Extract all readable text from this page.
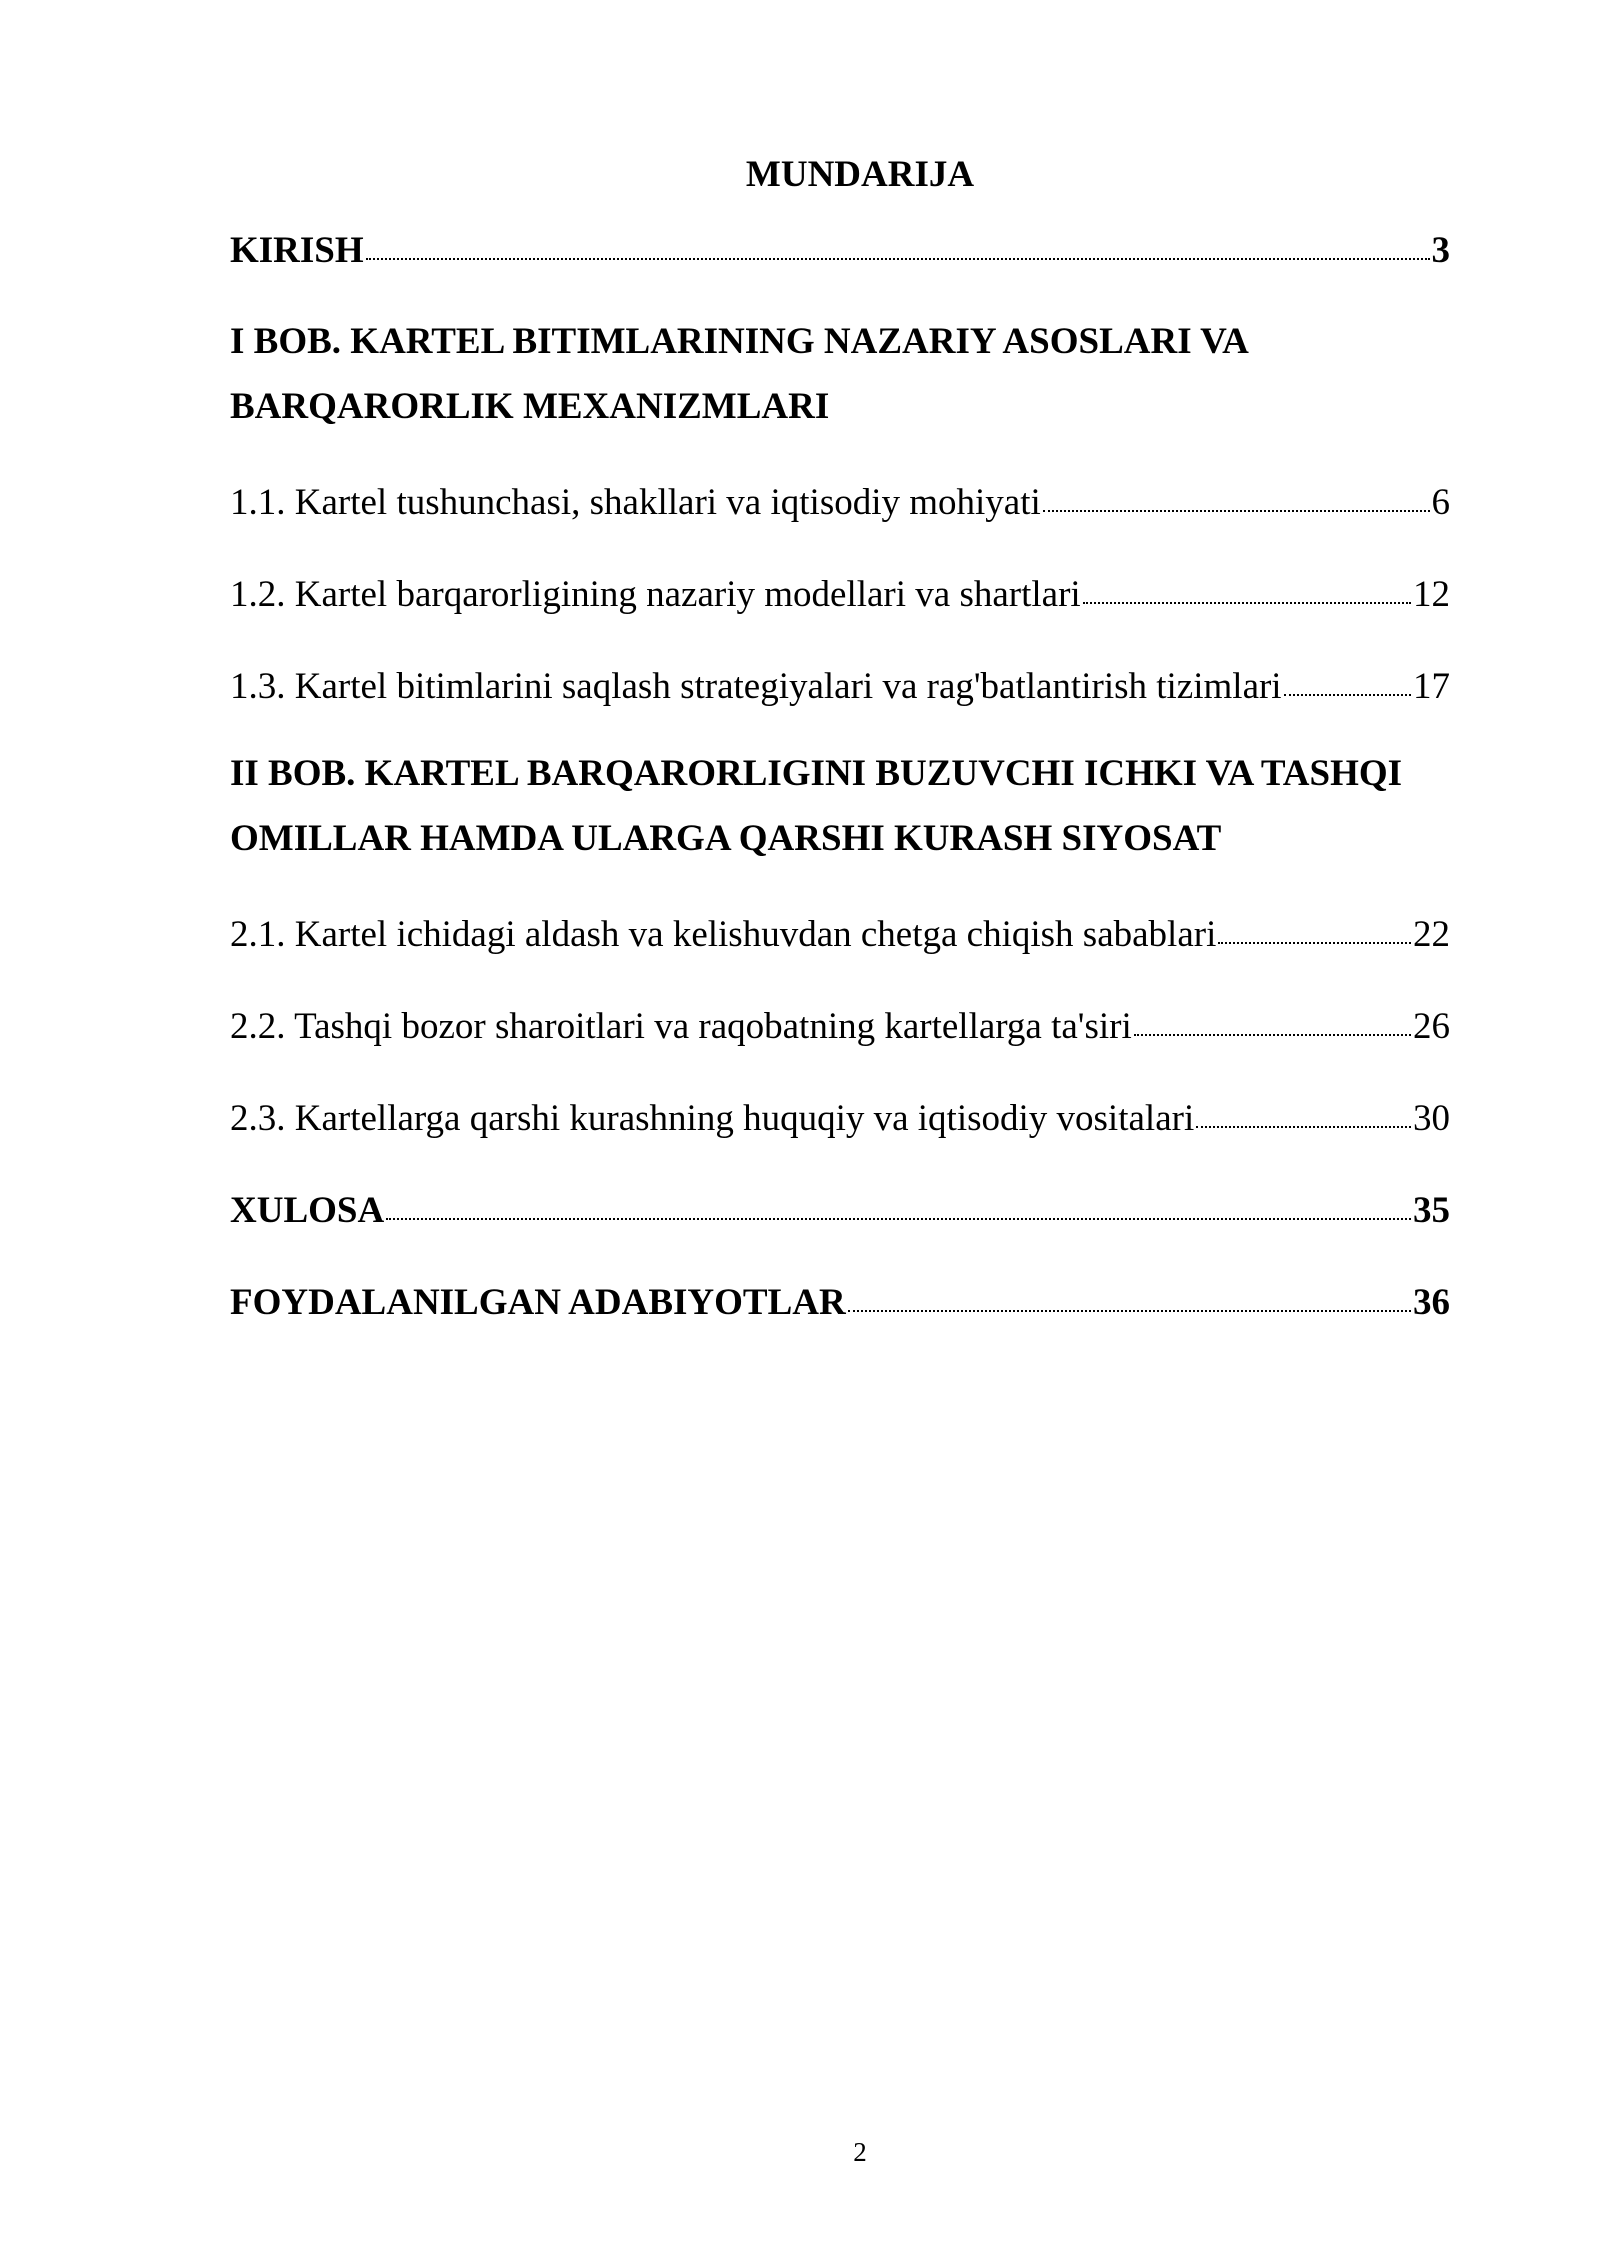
MUNDARIJA
KIRISH	3
I BOB. KARTEL BITIMLARINING NAZARIY ASOSLARI VA
BARQARORLIK MEXANIZMLARI
1.1. Kartel tushunchasi, shakllari va iqtisodiy mohiyati	6
1.2. Kartel barqarorligining nazariy modellari va shartlari	12
1.3. Kartel bitimlarini saqlash strategiyalari va rag'batlantirish tizimlari	17
II BOB. KARTEL BARQARORLIGINI BUZUVCHI ICHKI VA TASHQI
OMILLAR HAMDA ULARGA QARSHI KURASH SIYOSAT
2.1. Kartel ichidagi aldash va kelishuvdan chetga chiqish sabablari	22
2.2. Tashqi bozor sharoitlari va raqobatning kartellarga ta'siri	26
2.3. Kartellarga qarshi kurashning huquqiy va iqtisodiy vositalari	30
XULOSA	35
FOYDALANILGAN ADABIYOTLAR	36
2
